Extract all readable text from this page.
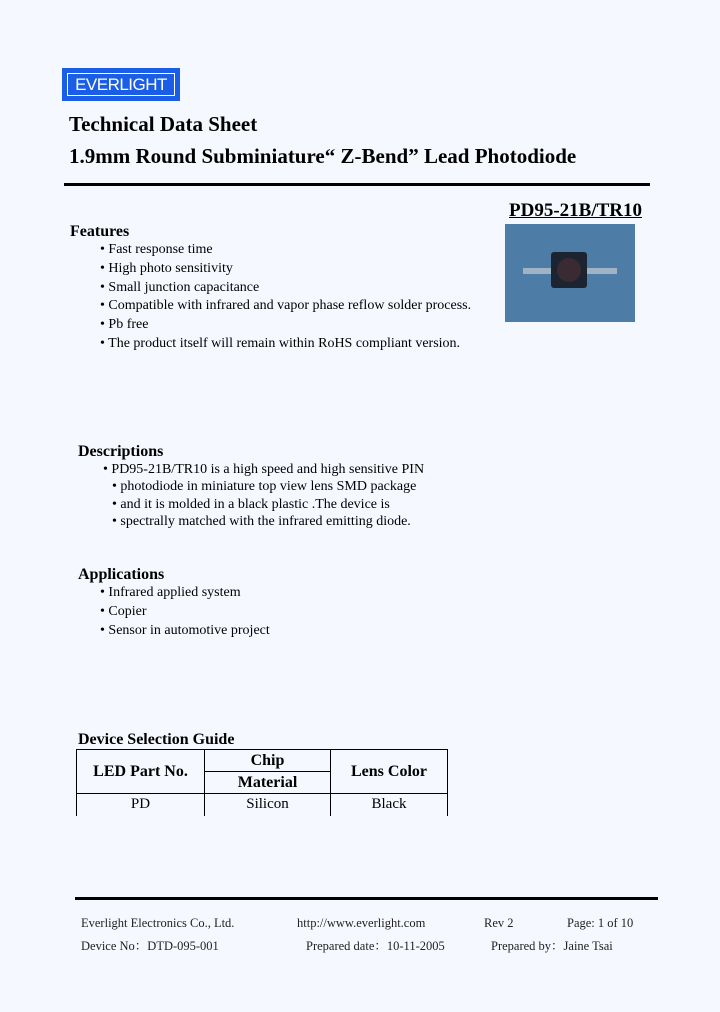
EVERLIGHT
Technical Data Sheet
1.9mm Round Subminiature“ Z-Bend” Lead Photodiode
PD95-21B/TR10
Features
• Fast response time
• High photo sensitivity
• Small junction capacitance
• Compatible with infrared and vapor phase reflow solder process.
• Pb free
• The product itself will remain within RoHS compliant version.
Descriptions
• PD95-21B/TR10 is a high speed and high sensitive PIN
• photodiode in miniature top view lens SMD package
• and it is molded in a black plastic .The device is
• spectrally matched with the infrared emitting diode.
Applications
• Infrared applied system
• Copier
• Sensor in automotive project
Device Selection Guide
LED Part No.	Chip	Lens Color
	Material	
PD	Silicon	Black
Everlight Electronics Co., Ltd.	http://www.everlight.com	Rev 2	Page: 1 of 10
Device No：DTD-095-001	Prepared date：10-11-2005	Prepared by：Jaine Tsai
